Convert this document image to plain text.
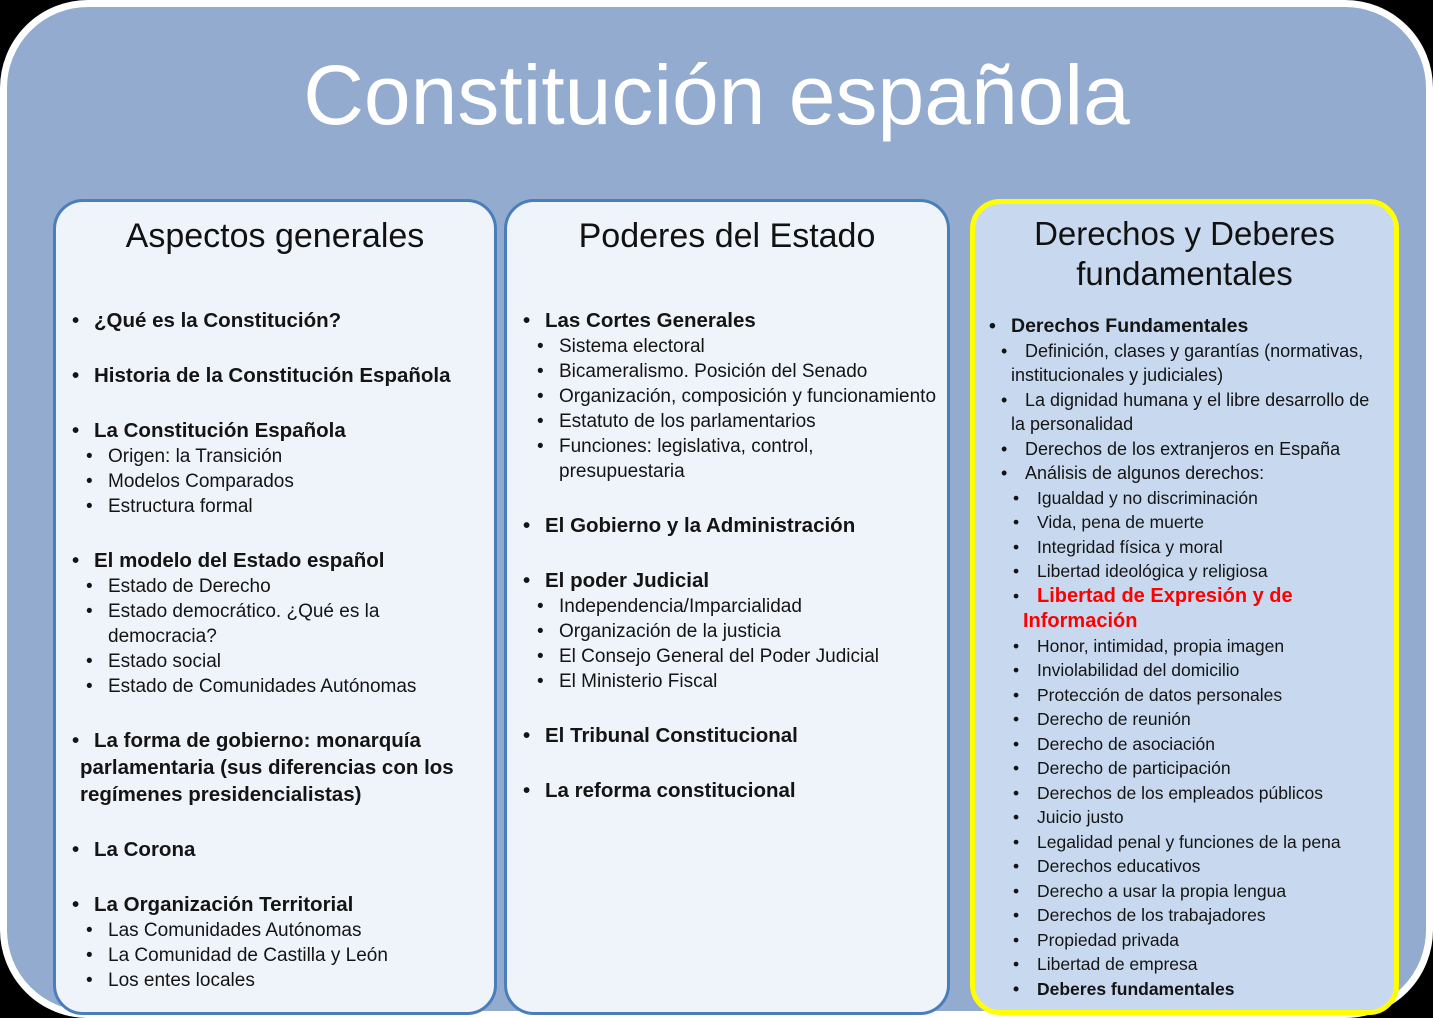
Constitución española
Aspectos generales
• ¿Qué es la Constitución?
• Historia de la Constitución Española
• La Constitución Española
• Origen: la Transición
• Modelos Comparados
• Estructura formal
• El modelo del Estado español
• Estado de Derecho
• Estado democrático. ¿Qué es la democracia?
• Estado social
• Estado de Comunidades Autónomas
• La forma de gobierno: monarquía parlamentaria (sus diferencias con los regímenes presidencialistas)
• La Corona
• La Organización Territorial
• Las Comunidades Autónomas
• La Comunidad de Castilla y León
• Los entes locales
Poderes del Estado
• Las Cortes Generales
• Sistema electoral
• Bicameralismo. Posición del Senado
• Organización, composición y funcionamiento
• Estatuto de los parlamentarios
• Funciones: legislativa, control, presupuestaria
• El Gobierno y la Administración
• El poder Judicial
• Independencia/Imparcialidad
• Organización de la justicia
• El Consejo General del Poder Judicial
• El Ministerio Fiscal
• El Tribunal Constitucional
• La reforma constitucional
Derechos y Deberes fundamentales
• Derechos Fundamentales
• Definición, clases y garantías (normativas, institucionales y judiciales)
• La dignidad humana y el libre desarrollo de la personalidad
• Derechos de los extranjeros en España
• Análisis de algunos derechos:
•	Igualdad y no discriminación
•	Vida, pena de muerte
•	Integridad física y moral
•	Libertad ideológica y religiosa
• Libertad de Expresión y de Información
•	Honor, intimidad, propia imagen
•	Inviolabilidad del domicilio
•	Protección de datos personales
•	Derecho de reunión
•	Derecho de asociación
•	Derecho de participación
•	Derechos de los empleados públicos
•	Juicio justo
•	Legalidad penal y funciones de la pena
•	Derechos educativos
•	Derecho a usar la propia lengua
•	Derechos de los trabajadores
•	Propiedad privada
•	Libertad de empresa
•	Deberes fundamentales
